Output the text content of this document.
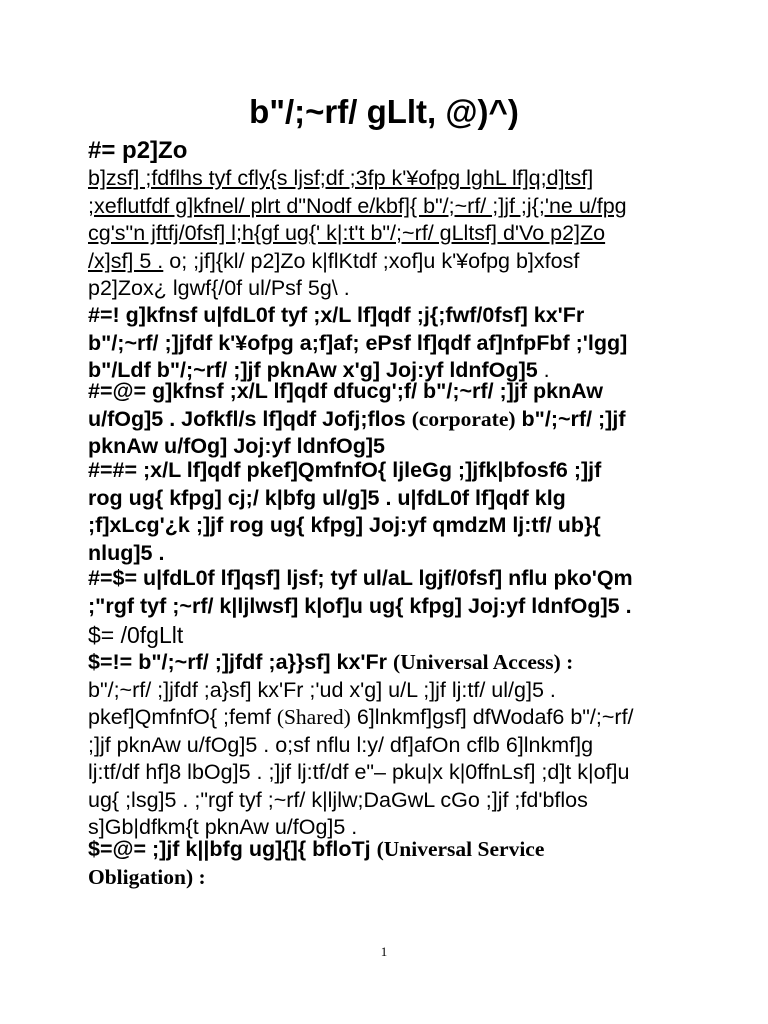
b"/;~rf/ gLlt, @)^)
#= p2]Zo
b]zsf] ;fdflhs tyf cfly{s ljsf;df ;3fp k'¥ofpg lghL lf]q;d]tsf]
;xeflutfdf g]kfnel/ plrt d"Nodf e/kbf]{ b"/;~rf/ ;]jf ;j{;'ne u/fpg
cg's"n jftfj/0fsf] l;h{gf ug{' k|:t't b"/;~rf/ gLltsf] d'Vo p2]Zo
/x]sf] 5 . o; ;jf]{kl/ p2]Zo k|flKtdf ;xof]u k'¥ofpg b]xfosf
p2]Zox¿ lgwf{/0f ul/Psf 5g\ .
#=! g]kfnsf u|fdL0f tyf ;x/L lf]qdf ;j{;fwf/0fsf] kx'Fr
b"/;~rf/ ;]jfdf k'¥ofpg a;f]af; ePsf lf]qdf af]nfpFbf ;'lgg]
b"/Ldf b"/;~rf/ ;]jf pknAw x'g] Joj:yf ldnfOg]5 .
#=@= g]kfnsf ;x/L lf]qdf dfucg';f/ b"/;~rf/ ;]jf pknAw
u/fOg]5 . Jofkfl/s lf]qdf Jofj;flos (corporate) b"/;~rf/ ;]jf
pknAw u/fOg] Joj:yf ldnfOg]5
#=#= ;x/L lf]qdf pkef]QmfnfO{ ljleGg ;]jfk|bfosf6 ;]jf
rog ug{ kfpg] cj;/ k|bfg ul/g]5 . u|fdL0f lf]qdf klg
;f]xLcg'¿k ;]jf rog ug{ kfpg] Joj:yf qmdzM lj:tf/ ub}{
nlug]5 .
#=$= u|fdL0f lf]qsf] ljsf; tyf ul/aL lgjf/0fsf] nflu pko'Qm
;"rgf tyf ;~rf/ k|ljlwsf] k|of]u ug{ kfpg] Joj:yf ldnfOg]5 .
$= /0fgLlt
$=!= b"/;~rf/ ;]jfdf ;a}}sf] kx'Fr (Universal Access) :
b"/;~rf/ ;]jfdf ;a}sf] kx'Fr ;'ud x'g] u/L ;]jf lj:tf/ ul/g]5 .
pkef]QmfnfO{ ;femf (Shared) 6]lnkmf]gsf] dfWodaf6 b"/;~rf/
;]jf pknAw u/fOg]5 . o;sf nflu l:y/ df]afOn cflb 6]lnkmf]g
lj:tf/df hf]8 lbOg]5 . ;]jf lj:tf/df e"– pku|x k|0ffnLsf] ;d]t k|of]u
ug{ ;lsg]5 . ;"rgf tyf ;~rf/ k|ljlw;DaGwL cGo ;]jf ;fd'bflos
s]Gb|dfkm{t pknAw u/fOg]5 .
$=@= ;]jf k||bfg ug]{]{ bfloTj (Universal Service
Obligation) :
1
